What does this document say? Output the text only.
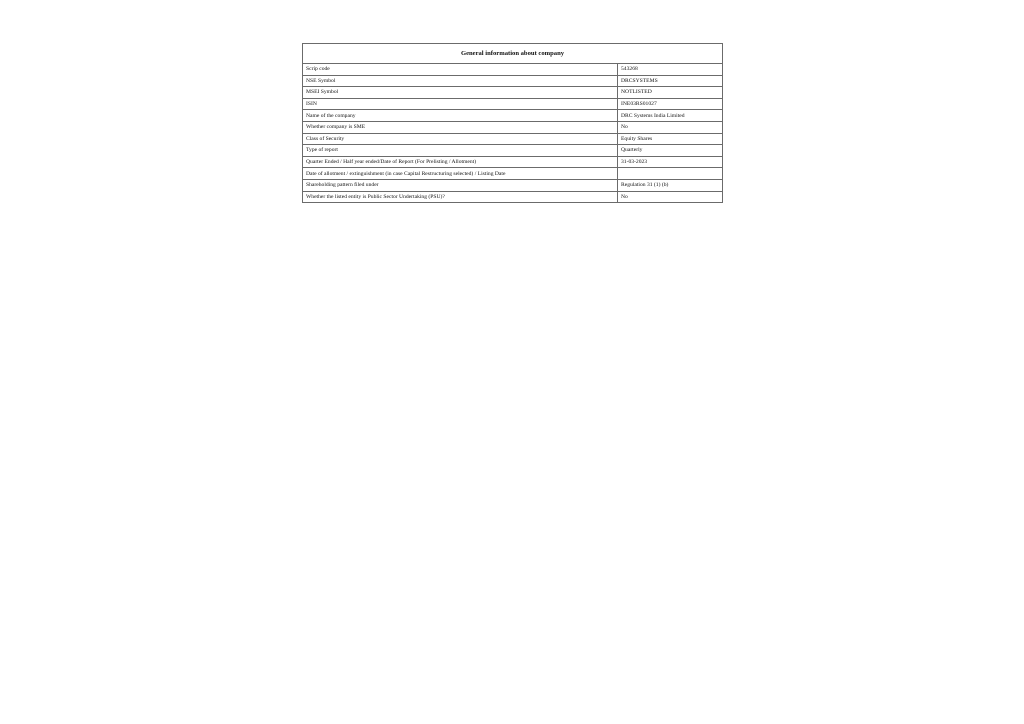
General information about company	
Scrip code	543268
NSE Symbol	DRCSYSTEMS
MSEI Symbol	NOTLISTED
ISIN	INE03RS01027
Name of the company	DRC Systems India Limited
Whether company is SME	No
Class of Security	Equity Shares
Type of report	Quarterly
Quarter Ended / Half year ended/Date of Report (For Prelisting / Allotment)	31-03-2023
Date of allotment / extinguishment (in case Capital Restructuring selected) / Listing Date	
Shareholding pattern filed under	Regulation 31 (1) (b)
Whether the listed entity is Public Sector Undertaking (PSU)?	No
